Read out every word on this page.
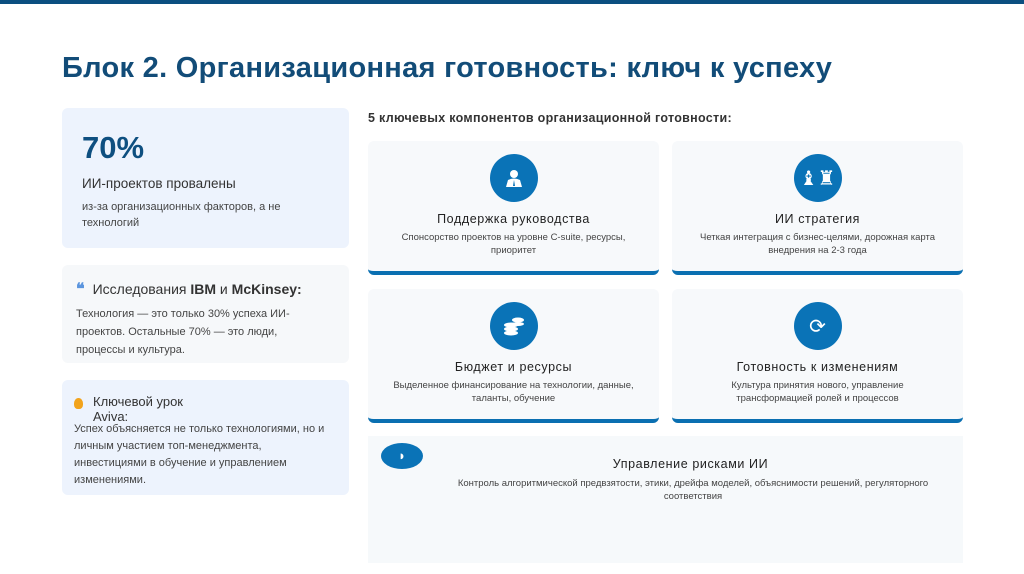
Блок 2. Организационная готовность: ключ к успеху
70%
ИИ-проектов провалены
из-за организационных факторов, а не технологий
❝ Исследования IBM и McKinsey:

Технология — это только 30% успеха ИИ- проектов. Остальные 70% — это люди, процессы и культура.

Ключевой урок Aviva:

Успех объясняется не только технологиями, но и личным участием топ-менеджмента, инвестициями в обучение и управлением изменениями.

5 ключевых компонентов организационной готовности:
Поддержка руководства

Спонсорство проектов на уровне C-suite, ресурсы, приоритет

♝♜
ИИ стратегия

Четкая интеграция с бизнес-целями, дорожная карта внедрения на 2-3 года

Бюджет и ресурсы

Выделенное финансирование на технологии, данные, таланты, обучение

⟳
Готовность к изменениям

Культура принятия нового, управление трансформацией ролей и процессов

◗
Управление рисками ИИ

Контроль алгоритмической предвзятости, этики, дрейфа моделей, объяснимости решений, регуляторного соответствия
